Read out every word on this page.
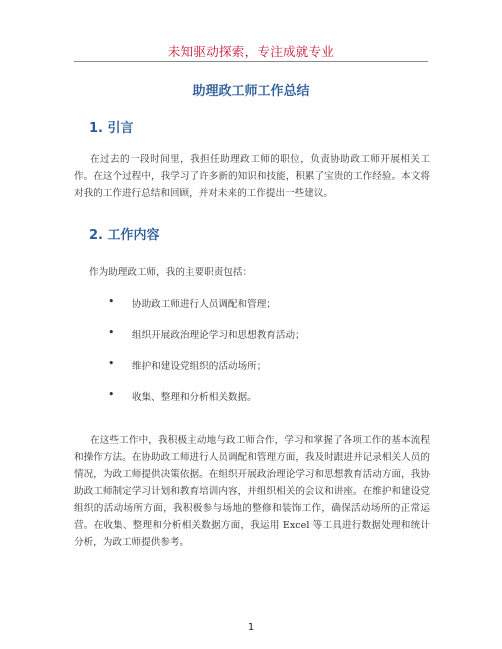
未知驱动探索，专注成就专业
助理政工师工作总结
1. 引言

在过去的一段时间里，我担任助理政工师的职位，负责协助政工师开展相关工作。在这个过程中，我学习了许多新的知识和技能，积累了宝贵的工作经验。本文将对我的工作进行总结和回顾，并对未来的工作提出一些建议。

2. 工作内容
作为助理政工师，我的主要职责包括：
• 协助政工师进行人员调配和管理；
• 组织开展政治理论学习和思想教育活动；
• 维护和建设党组织的活动场所；
• 收集、整理和分析相关数据。

在这些工作中，我积极主动地与政工师合作，学习和掌握了各项工作的基本流程和操作方法。在协助政工师进行人员调配和管理方面，我及时跟进并记录相关人员的情况，为政工师提供决策依据。在组织开展政治理论学习和思想教育活动方面，我协助政工师制定学习计划和教育培训内容，并组织相关的会议和讲座。在维护和建设党组织的活动场所方面，我积极参与场地的整修和装饰工作，确保活动场所的正常运营。在收集、整理和分析相关数据方面，我运用 Excel 等工具进行数据处理和统计分析，为政工师提供参考。

1
